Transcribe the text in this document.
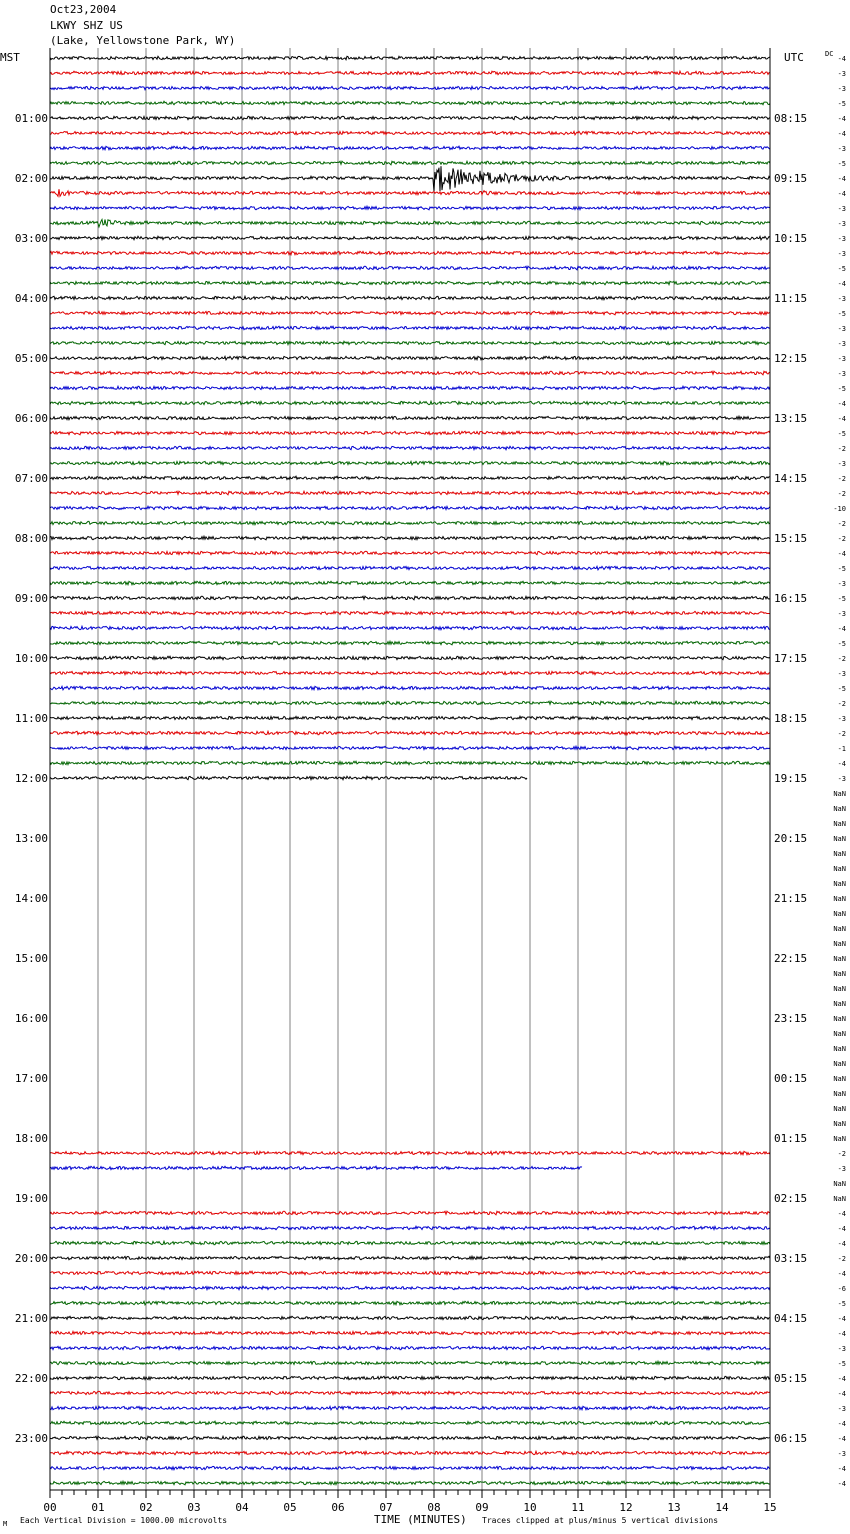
Oct23,2004
LKWY SHZ US
(Lake, Yellowstone Park, WY)
MST	UTC	DC
01:00
02:00
03:00
04:00
05:00
06:00
07:00
08:00
09:00
10:00
11:00
12:00
13:00
14:00
15:00
16:00
17:00
18:00
19:00
20:00
21:00
22:00
23:00
08:15
09:15
10:15
11:15
12:15
13:15
14:15
15:15
16:15
17:15
18:15
19:15
20:15
21:15
22:15
23:15
00:15
01:15
02:15
03:15
04:15
05:15
06:15
-4
-3
-3
-5
-4
-4
-3
-5
-4
-4
-3
-3
-3
-3
-5
-4
-3
-5
-3
-3
-3
-3
-5
-4
-4
-5
-2
-3
-2
-2
-10
-2
-2
-4
-5
-3
-5
-3
-4
-5
-2
-3
-5
-2
-3
-2
-1
-4
-3
NaN
NaN
NaN
NaN
NaN
NaN
NaN
NaN
NaN
NaN
NaN
NaN
NaN
NaN
NaN
NaN
NaN
NaN
NaN
NaN
NaN
NaN
NaN
NaN
-2
-3
NaN
NaN
-4
-4
-4
-2
-4
-6
-5
-4
-4
-3
-5
-4
-4
-3
-4
-4
-3
-4
-4
00	01	02	03	04	05	06	07	08	09	10	11	12	13	14	15
M Each Vertical Division = 1000.00 microvolts	TIME (MINUTES) Traces clipped at plus/minus 5 vertical divisions
